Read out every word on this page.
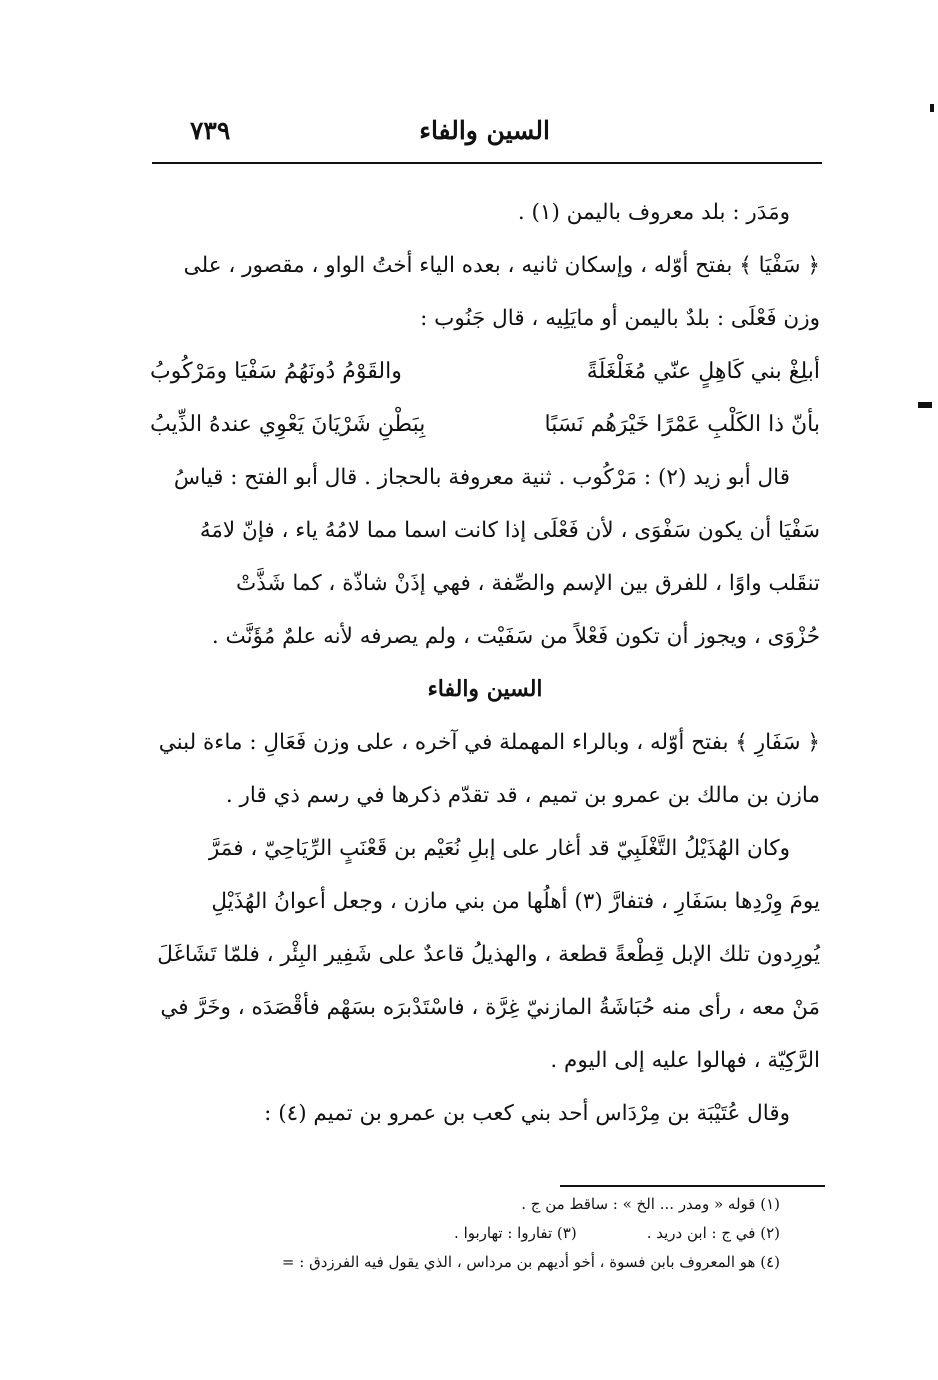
السين والفاء
٧٣٩
ومَدَر : بلد معروف باليمن (١) .
﴿ سَفْيَا ﴾ بفتح أوّله ، وإسكان ثانيه ، بعده الياء أختُ الواو ، مقصور ، على
وزن فَعْلَى : بلدٌ باليمن أو مايَلِيه ، قال جَنُوب :
أبلِغْ بني كَاهِلٍ عنّي مُغَلْغَلَةً
والقَوْمُ دُونَهُمُ سَفْيَا ومَرْكُوبُ
بأنّ ذا الكَلْبِ عَمْرًا خَيْرَهُم نَسَبًا
بِبَطْنِ شَرْيَانَ يَعْوِي عندهُ الذِّيبُ
قال أبو زيد (٢) : مَرْكُوب . ثنية معروفة بالحجاز . قال أبو الفتح : قياسُ
سَفْيَا أن يكون سَفْوَى ، لأن فَعْلَى إذا كانت اسما مما لامُهُ ياء ، فإنّ لامَهُ
تنقَلب واوًا ، للفرق بين الإسم والصِّفة ، فهي إذَنْ شاذّة ، كما شَذَّتْ
حُزْوَى ، ويجوز أن تكون فَعْلاً من سَفَيْت ، ولم يصرفه لأنه علمٌ مُؤَنَّث .
السين والفاء
﴿ سَفَارِ ﴾ بفتح أوّله ، وبالراء المهملة في آخره ، على وزن فَعَالِ : ماءة لبني
مازن بن مالك بن عمرو بن تميم ، قد تقدّم ذكرها في رسم ذي قار .
وكان الهُذَيْلُ التَّغْلَبِيّ قد أغار على إبلِ نُعَيْم بن قَعْنَبٍ الرِّيَاحِيّ ، فمَرَّ
يومَ وِرْدِها بسَفَارِ ، فتفارَّ (٣) أهلُها من بني مازن ، وجعل أعوانُ الهُذَيْلِ
يُورِدون تلك الإبل قِطْعةً قطعة ، والهذيلُ قاعدٌ على شَفِير البِئْر ، فلمّا تَشَاغَلَ
مَنْ معه ، رأى منه حُبَاشَةُ المازنيّ غِرَّة ، فاسْتَدْبرَه بسَهْم فأقْصَدَه ، وخَرَّ في
الرَّكِيّة ، فهالوا عليه إلى اليوم .
وقال عُتَيْبَة بن مِرْدَاس أحد بني كعب بن عمرو بن تميم (٤) :
(١) قوله « ومدر ... الخ » : ساقط من ج .
(٢) في ج : ابن دريد .
(٣) تفاروا : تهاربوا .
(٤) هو المعروف بابن فسوة ، أخو أديهم بن مرداس ، الذي يقول فيه الفرزدق : =
